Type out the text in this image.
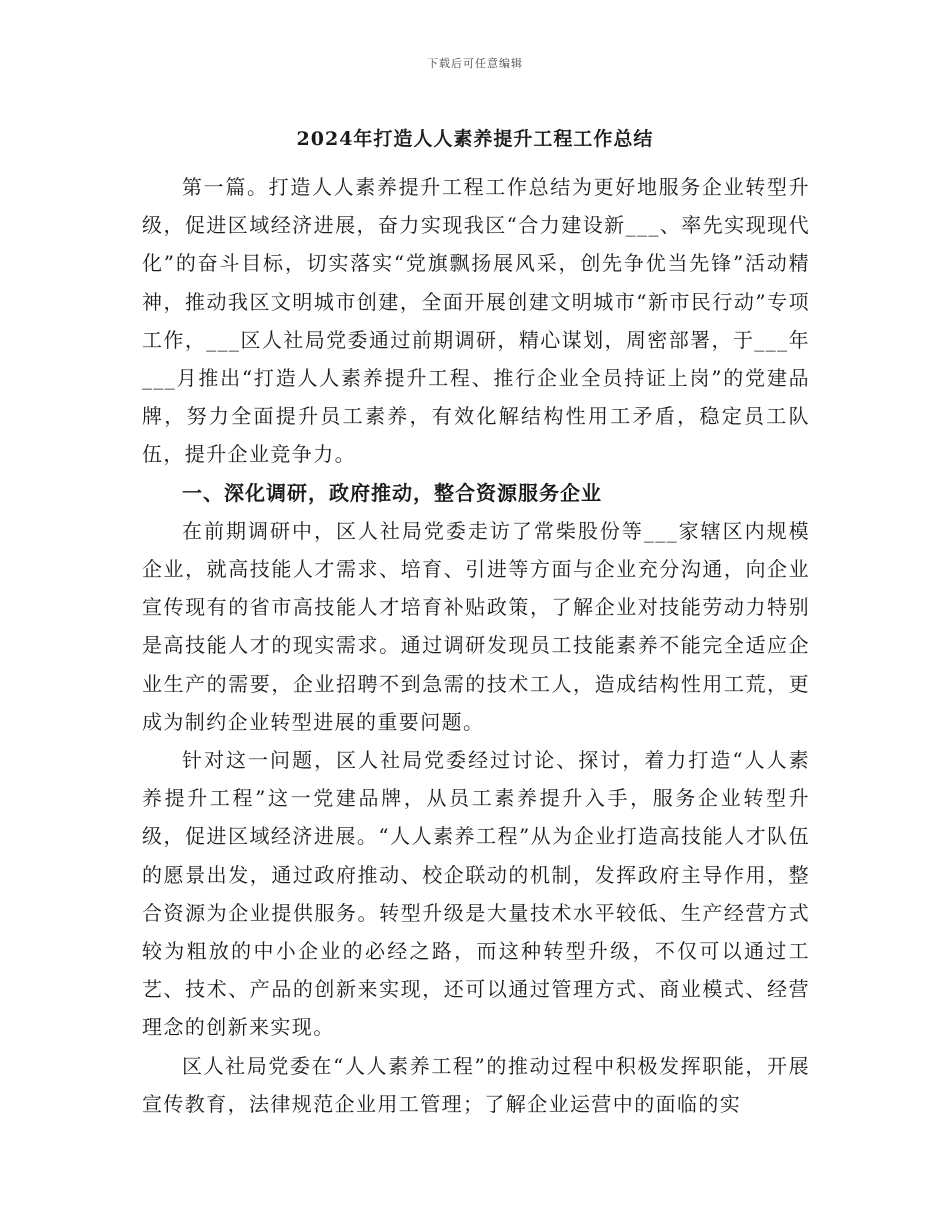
下载后可任意编辑
2024年打造人人素养提升工程工作总结

第一篇。打造人人素养提升工程工作总结为更好地服务企业转型升级，促进区域经济进展，奋力实现我区“合力建设新___、率先实现现代化”的奋斗目标，切实落实“党旗飘扬展风采，创先争优当先锋”活动精神，推动我区文明城市创建，全面开展创建文明城市“新市民行动”专项工作，___区人社局党委通过前期调研，精心谋划，周密部署，于___年___月推出“打造人人素养提升工程、推行企业全员持证上岗”的党建品牌，努力全面提升员工素养，有效化解结构性用工矛盾，稳定员工队伍，提升企业竞争力。

一、深化调研，政府推动，整合资源服务企业

在前期调研中，区人社局党委走访了常柴股份等___家辖区内规模企业，就高技能人才需求、培育、引进等方面与企业充分沟通，向企业宣传现有的省市高技能人才培育补贴政策，了解企业对技能劳动力特别是高技能人才的现实需求。通过调研发现员工技能素养不能完全适应企业生产的需要，企业招聘不到急需的技术工人，造成结构性用工荒，更成为制约企业转型进展的重要问题。

针对这一问题，区人社局党委经过讨论、探讨，着力打造“人人素养提升工程”这一党建品牌，从员工素养提升入手，服务企业转型升级，促进区域经济进展。“人人素养工程”从为企业打造高技能人才队伍的愿景出发，通过政府推动、校企联动的机制，发挥政府主导作用，整合资源为企业提供服务。转型升级是大量技术水平较低、生产经营方式较为粗放的中小企业的必经之路，而这种转型升级，不仅可以通过工艺、技术、产品的创新来实现，还可以通过管理方式、商业模式、经营理念的创新来实现。

区人社局党委在“人人素养工程”的推动过程中积极发挥职能，开展宣传教育，法律规范企业用工管理；了解企业运营中的面临的实
